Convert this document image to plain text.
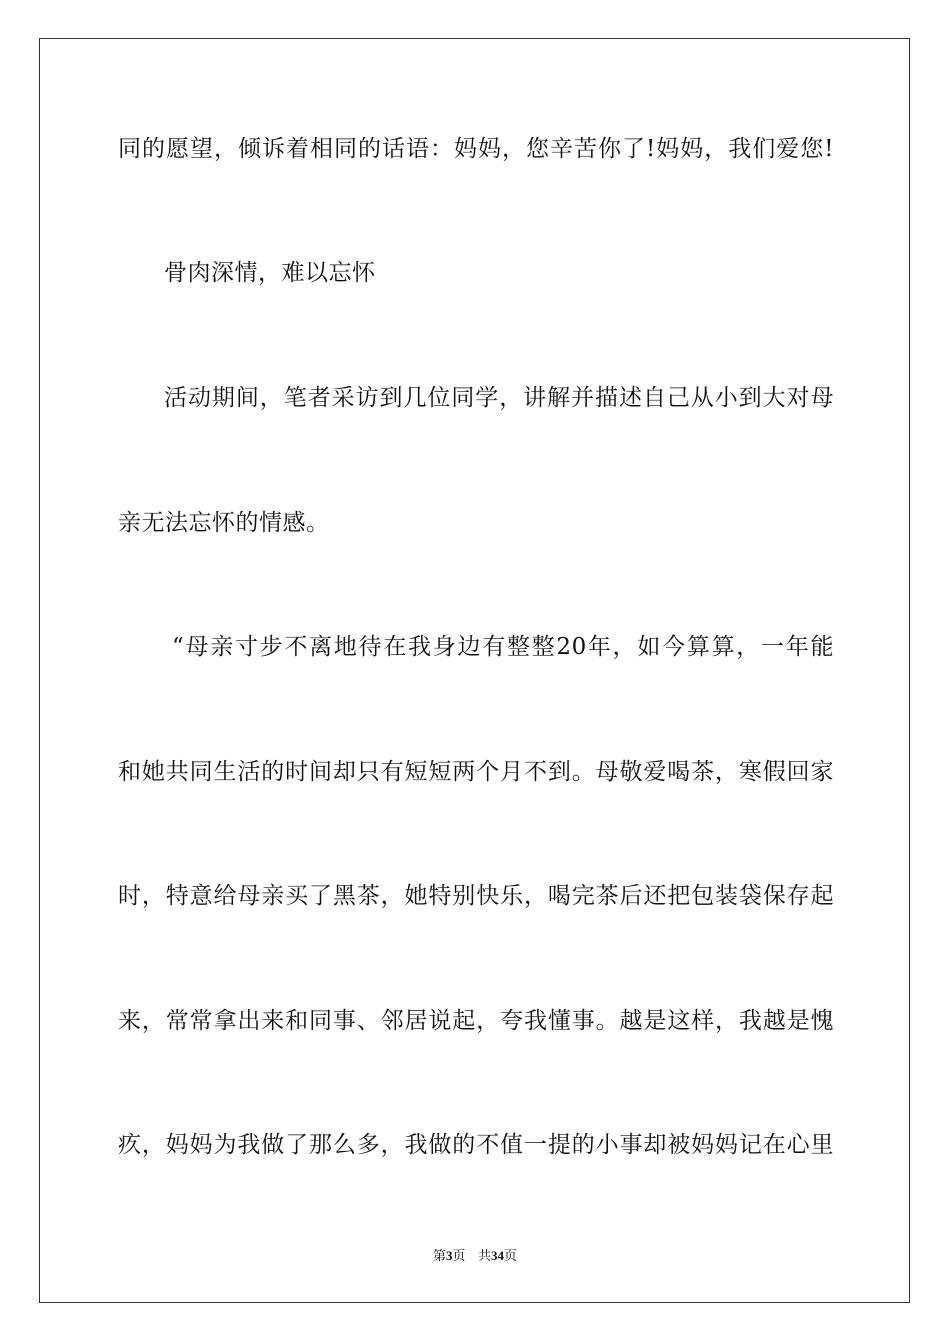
同的愿望，倾诉着相同的话语：妈妈，您辛苦你了!妈妈，我们爱您!
骨肉深情，难以忘怀
活动期间，笔者采访到几位同学，讲解并描述自己从小到大对母
亲无法忘怀的情感。
“母亲寸步不离地待在我身边有整整20年，如今算算，一年能
和她共同生活的时间却只有短短两个月不到。母敬爱喝茶，寒假回家
时，特意给母亲买了黑茶，她特别快乐，喝完茶后还把包装袋保存起
来，常常拿出来和同事、邻居说起，夸我懂事。越是这样，我越是愧
疚，妈妈为我做了那么多，我做的不值一提的小事却被妈妈记在心里
第3页 共34页
